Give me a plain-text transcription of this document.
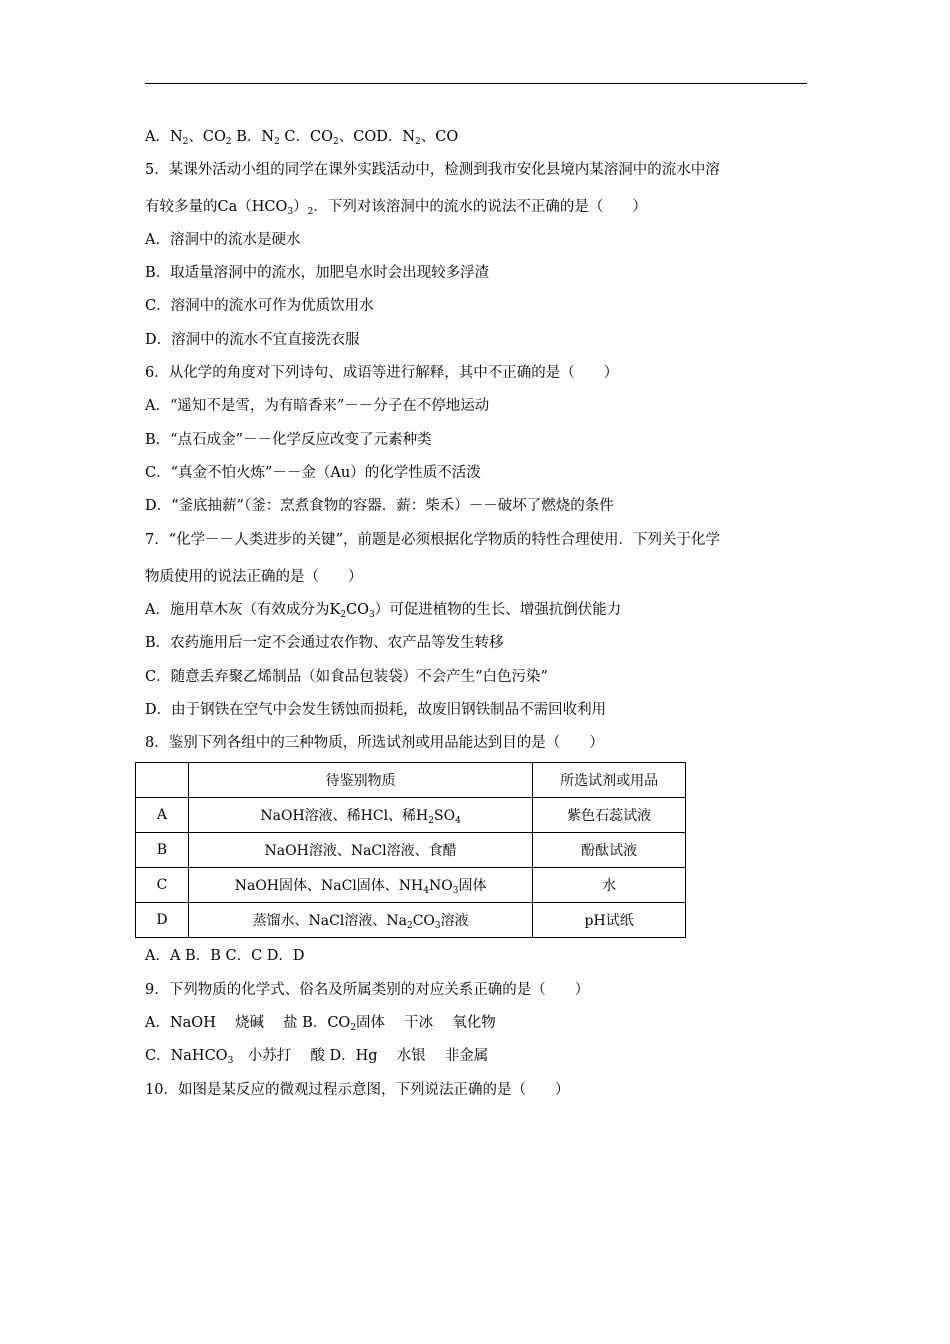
A．$N_2$、$CO_2$ B．$N_2$ C．$CO_2$、COD．$N_2$、CO
5．某课外活动小组的同学在课外实践活动中，检测到我市安化县境内某溶洞中的流水中溶
有较多量的$Ca(HCO_3)_2$．下列对该溶洞中的流水的说法不正确的是（　　）
A．溶洞中的流水是硬水
B．取适量溶洞中的流水，加肥皂水时会出现较多浮渣
C．溶洞中的流水可作为优质饮用水
D．溶洞中的流水不宜直接洗衣服
6．从化学的角度对下列诗句、成语等进行解释，其中不正确的是（　　）
A．“遥知不是雪，为有暗香来”－－分子在不停地运动
B．“点石成金”－－化学反应改变了元素种类
C．“真金不怕火炼”－－金（Au）的化学性质不活泼
D．“釜底抽薪”（釜：烹煮食物的容器．薪：柴禾）－－破坏了燃烧的条件
7．“化学－－人类进步的关键”，前题是必须根据化学物质的特性合理使用．下列关于化学
物质使用的说法正确的是（　　）
A．施用草木灰（有效成分为$K_2CO_3$）可促进植物的生长、增强抗倒伏能力
B．农药施用后一定不会通过农作物、农产品等发生转移
C．随意丢弃聚乙烯制品（如食品包装袋）不会产生“白色污染”
D．由于钢铁在空气中会发生锈蚀而损耗，故废旧钢铁制品不需回收利用
8．鉴别下列各组中的三种物质，所选试剂或用品能达到目的是（　　）
	待鉴别物质	所选试剂或用品
A	NaOH溶液、稀HCl、稀$H_2SO_4$	紫色石蕊试液
B	NaOH溶液、NaCl溶液、食醋	酚酞试液
C	NaOH固体、NaCl固体、$NH_4NO_3$固体	水
D	蒸馏水、NaCl溶液、$Na_2CO_3$溶液	pH试纸
A．A B．B C．C D．D
9．下列物质的化学式、俗名及所属类别的对应关系正确的是（　　）
A．NaOH　 烧碱　 盐 B．$CO_2$固体　 干冰　 氧化物
C．NaHCO$_3$　小苏打　 酸 D．Hg　 水银　 非金属
10．如图是某反应的微观过程示意图，下列说法正确的是（　　）
